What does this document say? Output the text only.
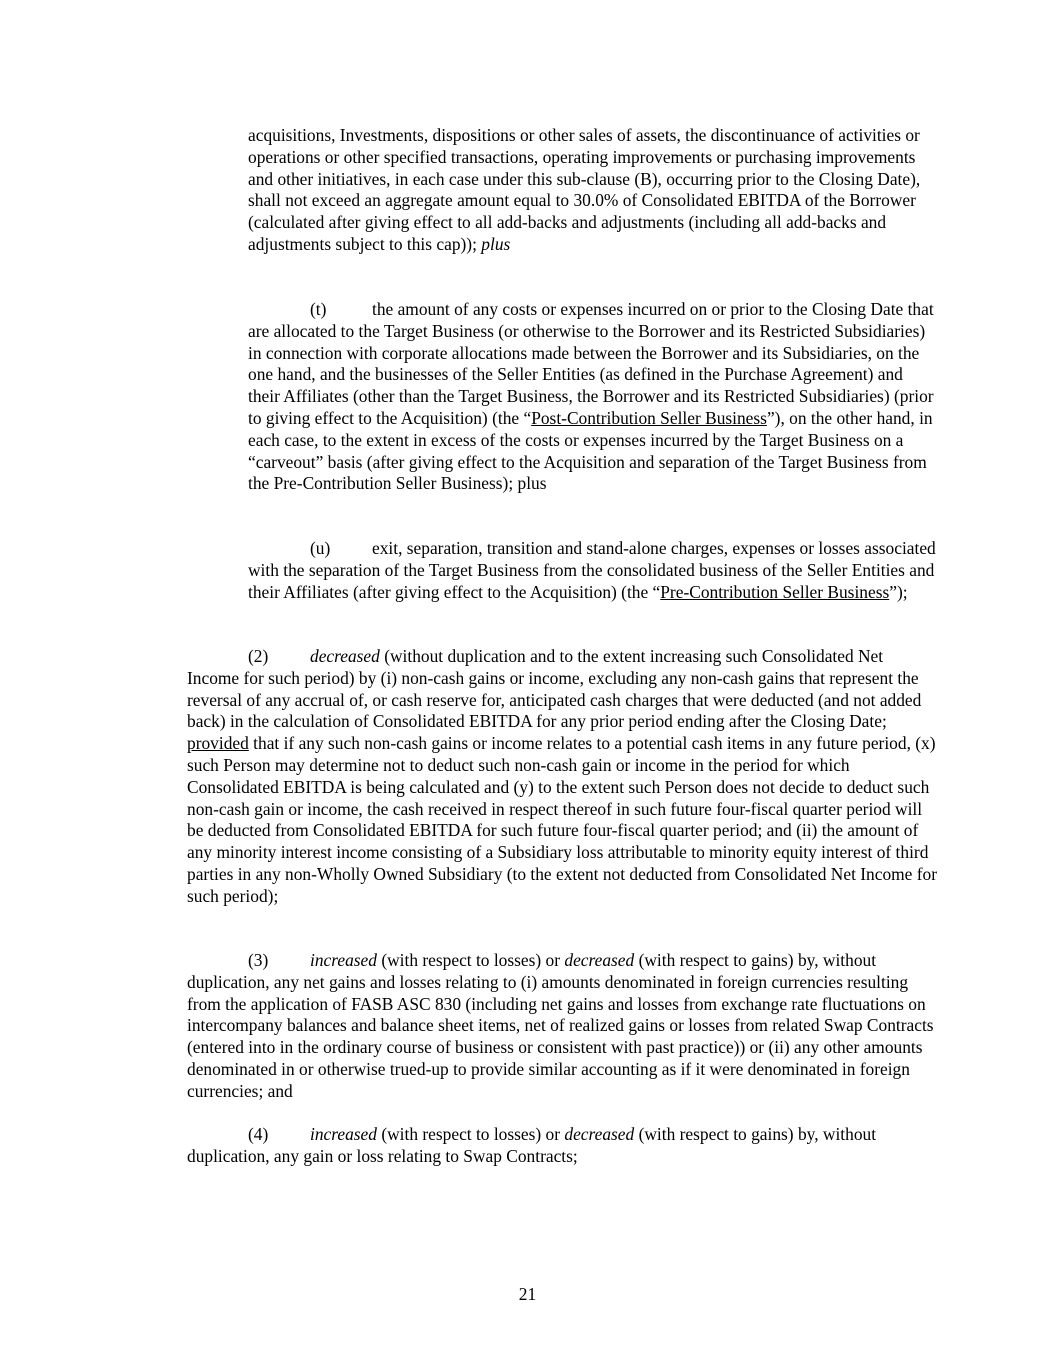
acquisitions, Investments, dispositions or other sales of assets, the discontinuance of activities or operations or other specified transactions, operating improvements or purchasing improvements and other initiatives, in each case under this sub-clause (B), occurring prior to the Closing Date), shall not exceed an aggregate amount equal to 30.0% of Consolidated EBITDA of the Borrower (calculated after giving effect to all add-backs and adjustments (including all add-backs and adjustments subject to this cap)); plus

(t)	the amount of any costs or expenses incurred on or prior to the Closing Date that are allocated to the Target Business (or otherwise to the Borrower and its Restricted Subsidiaries) in connection with corporate allocations made between the Borrower and its Subsidiaries, on the one hand, and the businesses of the Seller Entities (as defined in the Purchase Agreement) and their Affiliates (other than the Target Business, the Borrower and its Restricted Subsidiaries) (prior to giving effect to the Acquisition) (the “Post-Contribution Seller Business”), on the other hand, in each case, to the extent in excess of the costs or expenses incurred by the Target Business on a “carveout” basis (after giving effect to the Acquisition and separation of the Target Business from the Pre-Contribution Seller Business); plus

(u) exit, separation, transition and stand-alone charges, expenses or losses associated with the separation of the Target Business from the consolidated business of the Seller Entities and their Affiliates (after giving effect to the Acquisition) (the “Pre-Contribution Seller Business”);

(2) decreased (without duplication and to the extent increasing such Consolidated Net Income for such period) by (i) non-cash gains or income, excluding any non-cash gains that represent the reversal of any accrual of, or cash reserve for, anticipated cash charges that were deducted (and not added back) in the calculation of Consolidated EBITDA for any prior period ending after the Closing Date; provided that if any such non-cash gains or income relates to a potential cash items in any future period, (x) such Person may determine not to deduct such non-cash gain or income in the period for which Consolidated EBITDA is being calculated and (y) to the extent such Person does not decide to deduct such non-cash gain or income, the cash received in respect thereof in such future four-fiscal quarter period will be deducted from Consolidated EBITDA for such future four-fiscal quarter period; and (ii) the amount of any minority interest income consisting of a Subsidiary loss attributable to minority equity interest of third parties in any non-Wholly Owned Subsidiary (to the extent not deducted from Consolidated Net Income for such period);

(3) increased (with respect to losses) or decreased (with respect to gains) by, without duplication, any net gains and losses relating to (i) amounts denominated in foreign currencies resulting from the application of FASB ASC 830 (including net gains and losses from exchange rate fluctuations on intercompany balances and balance sheet items, net of realized gains or losses from related Swap Contracts (entered into in the ordinary course of business or consistent with past practice)) or (ii) any other amounts denominated in or otherwise trued-up to provide similar accounting as if it were denominated in foreign currencies; and

(4) increased (with respect to losses) or decreased (with respect to gains) by, without duplication, any gain or loss relating to Swap Contracts;

21
